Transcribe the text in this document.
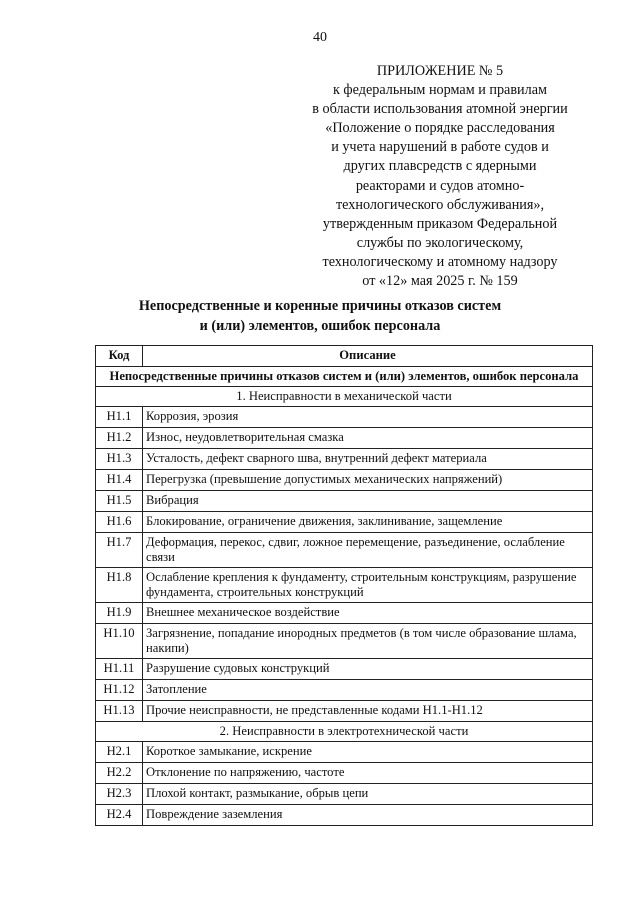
40
ПРИЛОЖЕНИЕ № 5
к федеральным нормам и правилам
в области использования атомной энергии
«Положение о порядке расследования
и учета нарушений в работе судов и
других плавсредств с ядерными
реакторами и судов атомно-
технологического обслуживания»,
утвержденным приказом Федеральной
службы по экологическому,
технологическому и атомному надзору
от «12» мая 2025 г. № 159
Непосредственные и коренные причины отказов систем
и (или) элементов, ошибок персонала
Код	Описание
Непосредственные причины отказов систем и (или) элементов, ошибок персонала	
1. Неисправности в механической части	
Н1.1	Коррозия, эрозия
Н1.2	Износ, неудовлетворительная смазка
Н1.3	Усталость, дефект сварного шва, внутренний дефект материала
Н1.4	Перегрузка (превышение допустимых механических напряжений)
Н1.5	Вибрация
Н1.6	Блокирование, ограничение движения, заклинивание, защемление
Н1.7	Деформация, перекос, сдвиг, ложное перемещение, разъединение, ослабление связи
Н1.8	Ослабление крепления к фундаменту, строительным конструкциям, разрушение фундамента, строительных конструкций
Н1.9	Внешнее механическое воздействие
Н1.10	Загрязнение, попадание инородных предметов (в том числе образование шлама, накипи)
Н1.11	Разрушение судовых конструкций
Н1.12	Затопление
Н1.13	Прочие неисправности, не представленные кодами Н1.1-Н1.12
2. Неисправности в электротехнической части	
Н2.1	Короткое замыкание, искрение
Н2.2	Отклонение по напряжению, частоте
Н2.3	Плохой контакт, размыкание, обрыв цепи
Н2.4	Повреждение заземления
